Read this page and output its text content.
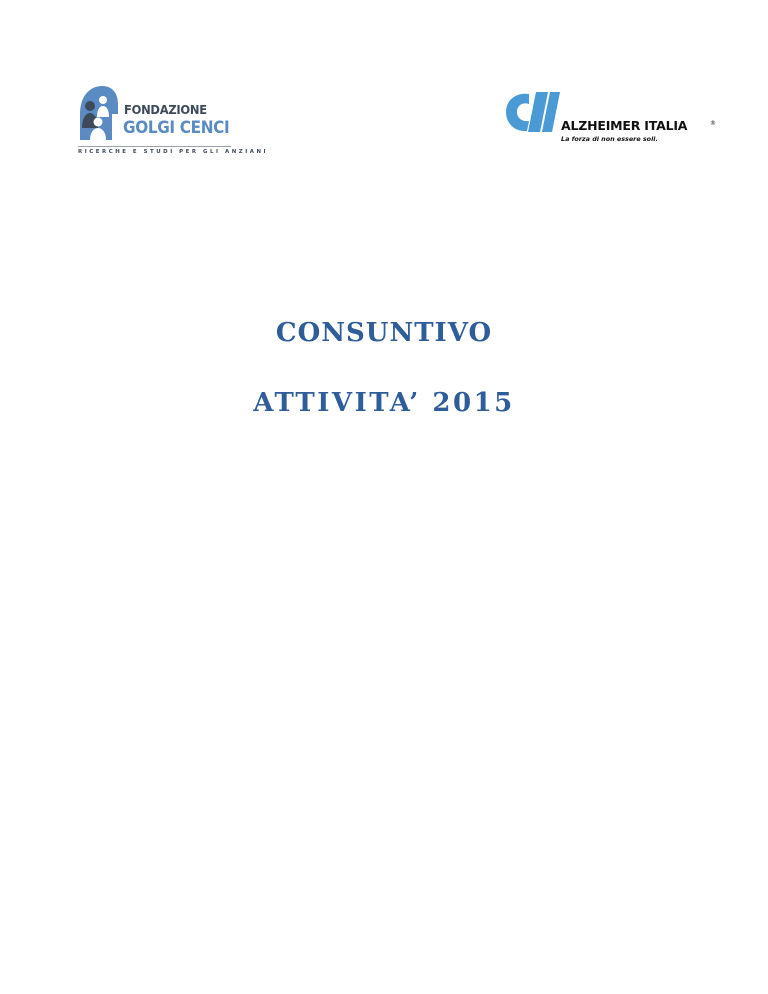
FONDAZIONE
GOLGI CENCI
RICERCHE E STUDI PER GLI ANZIANI
ALZHEIMER ITALIA	®
La forza di non essere soli.
CONSUNTIVO
ATTIVITA’ 2015
